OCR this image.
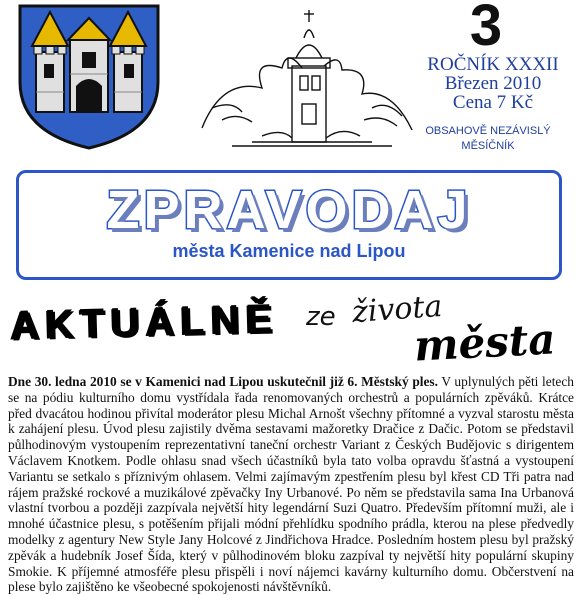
3
ROČNÍK XXXII
Březen 2010
Cena 7 Kč
OBSAHOVĚ NEZÁVISLÝ
MĚSÍČNÍK
ZPRAVODAJ
města Kamenice nad Lipou
AKTUÁLNĚ ze života
města
Dne 30. ledna 2010 se v Kamenici nad Lipou uskutečnil již 6. Městský ples. V uplynulých pěti letech se na pódiu kulturního domu vystřídala řada renomovaných orchestrů a populárních zpěváků. Krátce před dvacátou hodinou přivítal moderátor plesu Michal Arnošt všechny přítomné a vyzval starostu města k zahájení plesu. Úvod plesu zajistily dvěma sestavami mažoretky Dračice z Dačic. Potom se představil půlhodinovým vystoupením reprezentativní taneční orchestr Variant z Českých Budějovic s dirigentem Václavem Knotkem. Podle ohlasu snad všech účastníků byla tato volba opravdu šťastná a vystoupení Variantu se setkalo s příznivým ohlasem. Velmi zajímavým zpestřením plesu byl křest CD Tři patra nad rájem pražské rockové a muzikálové zpěvačky Iny Urbanové. Po něm se představila sama Ina Urbanová vlastní tvorbou a později zazpívala největší hity legendární Suzi Quatro. Především přítomní muži, ale i mnohé účastnice plesu, s potěšením přijali módní přehlídku spodního prádla, kterou na plese předvedly modelky z agentury New Style Jany Holcové z Jindřichova Hradce. Posledním hostem plesu byl pražský zpěvák a hudebník Josef Šída, který v půlhodinovém bloku zazpíval ty největší hity populární skupiny Smokie. K příjemné atmosféře plesu přispěli i noví nájemci kavárny kulturního domu. Občerstvení na plese bylo zajištěno ke všeobecné spokojenosti návštěvníků.
